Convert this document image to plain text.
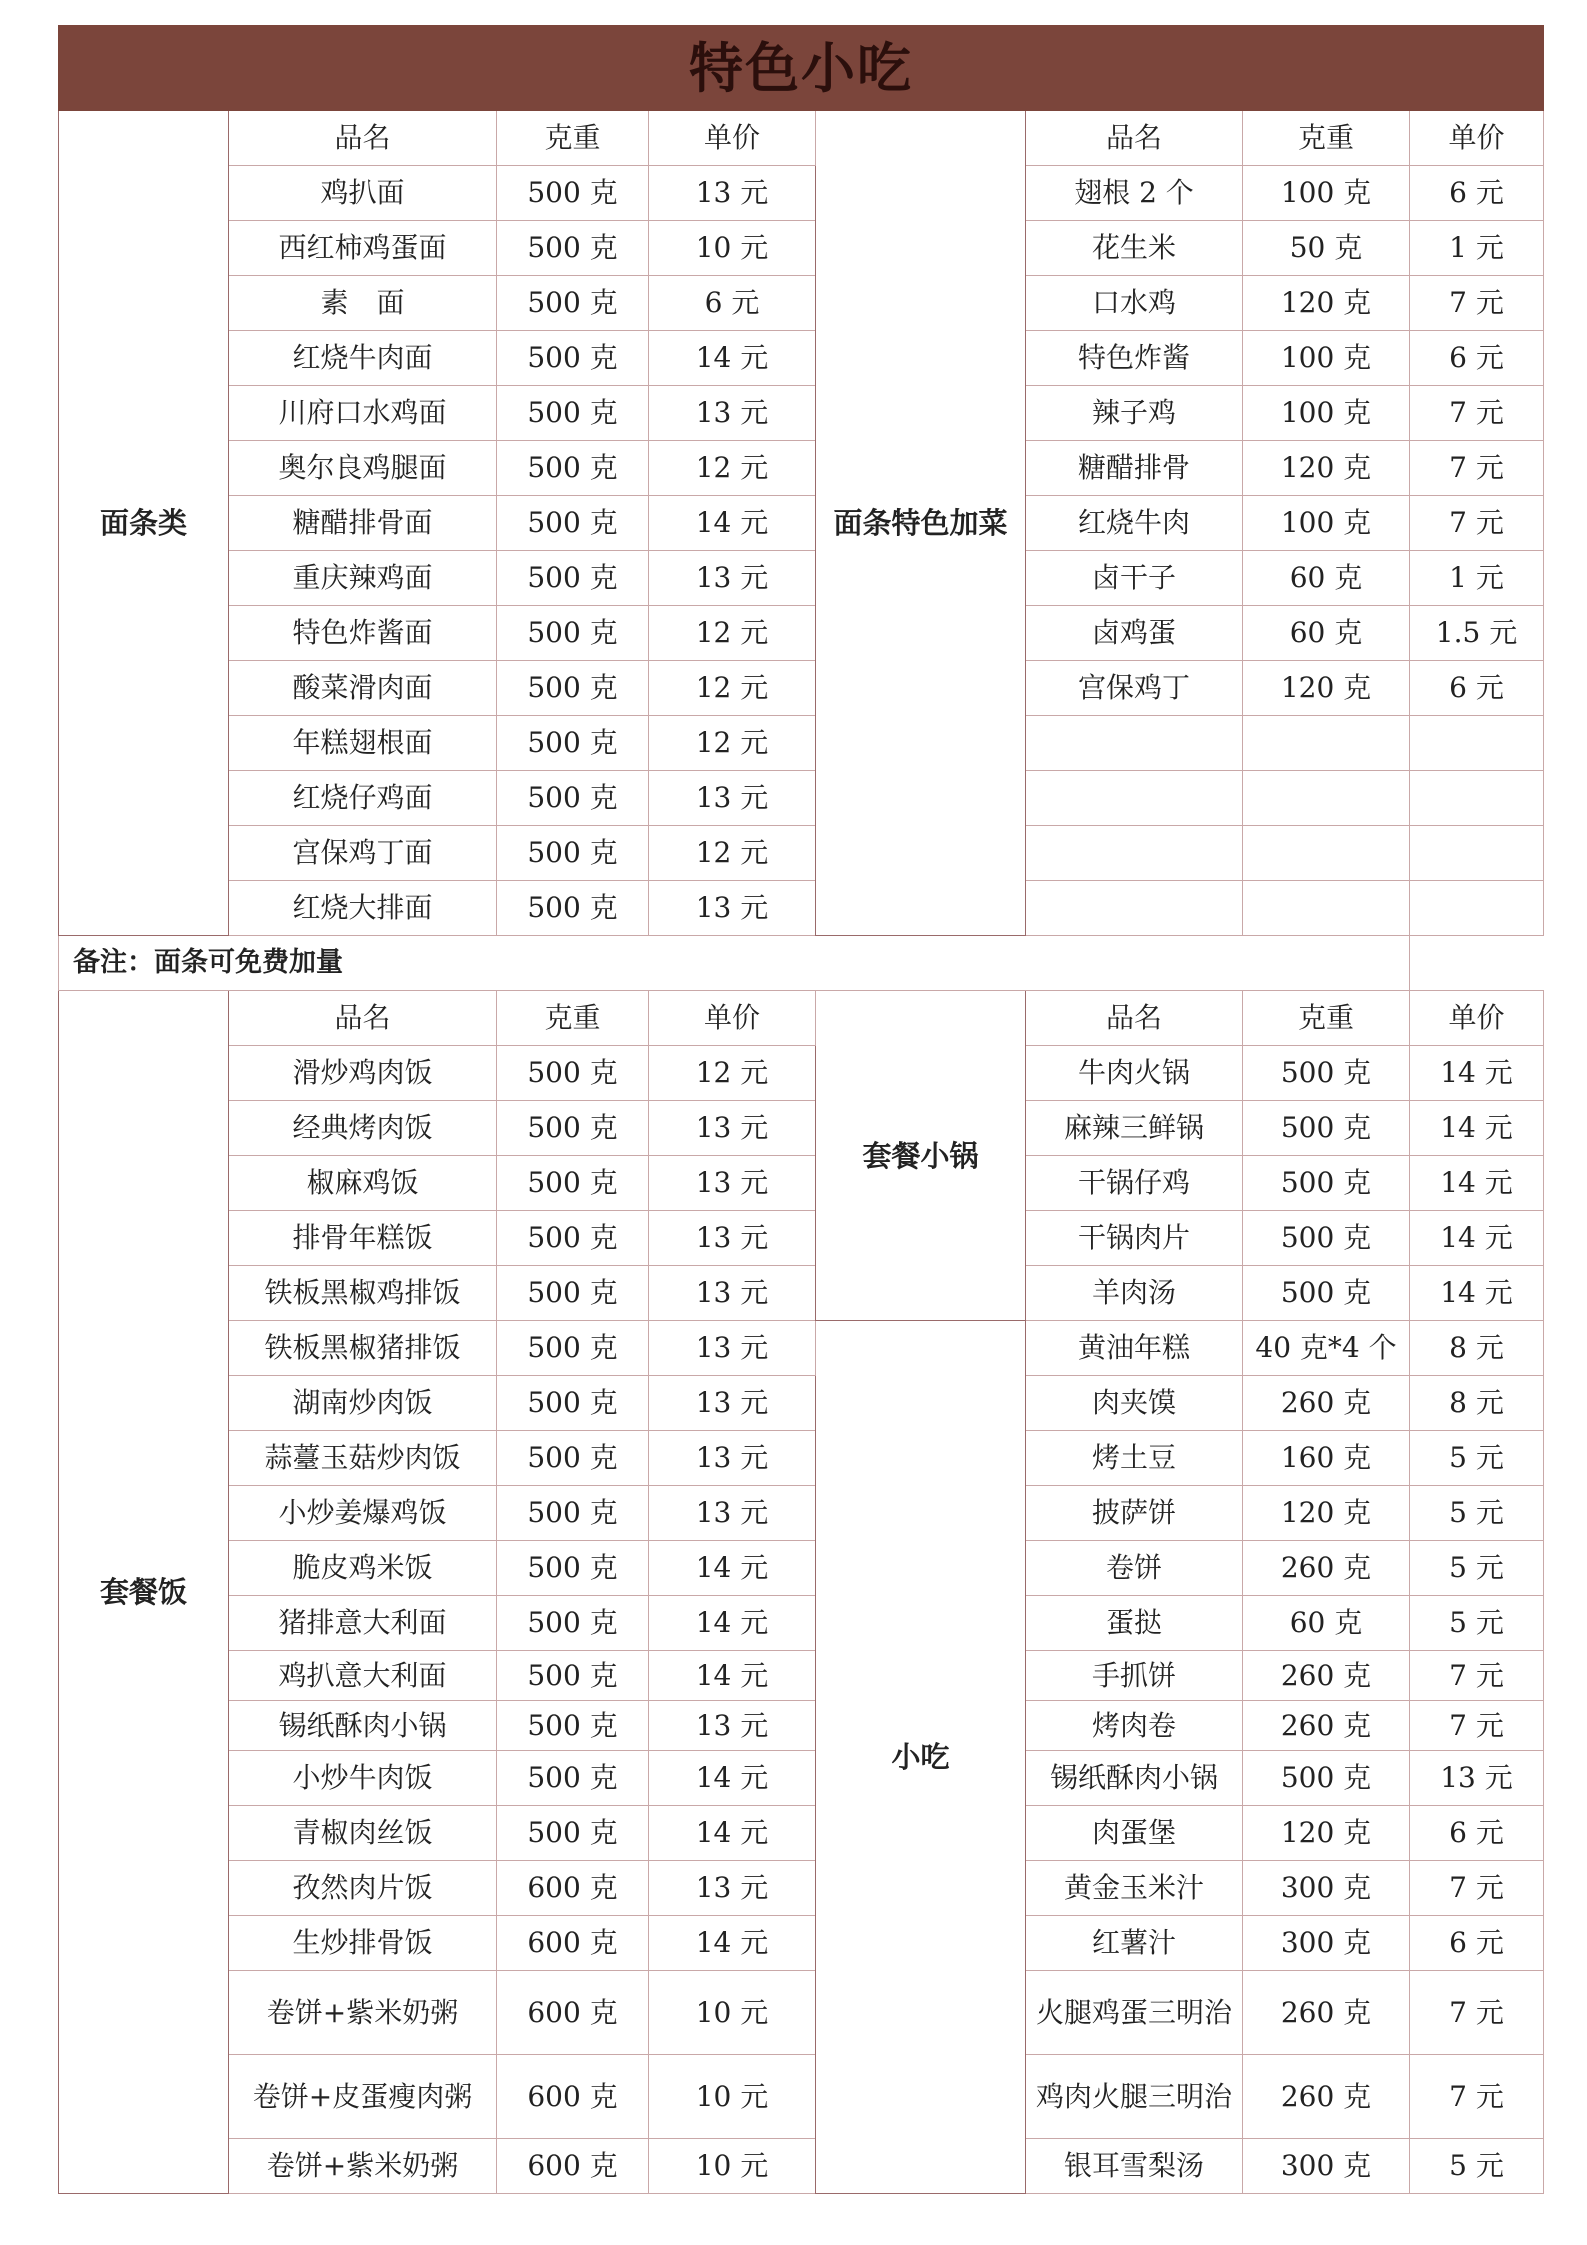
特色小吃							
面条类	品名	克重	单价	面条特色加菜	品名	克重	单价
	鸡扒面	500 克	13 元		翅根 2 个	100 克	6 元
	西红柿鸡蛋面	500 克	10 元		花生米	50 克	1 元
	素　面	500 克	6 元		口水鸡	120 克	7 元
	红烧牛肉面	500 克	14 元		特色炸酱	100 克	6 元
	川府口水鸡面	500 克	13 元		辣子鸡	100 克	7 元
	奥尔良鸡腿面	500 克	12 元		糖醋排骨	120 克	7 元
	糖醋排骨面	500 克	14 元		红烧牛肉	100 克	7 元
	重庆辣鸡面	500 克	13 元		卤干子	60 克	1 元
	特色炸酱面	500 克	12 元		卤鸡蛋	60 克	1.5 元
	酸菜滑肉面	500 克	12 元		宫保鸡丁	120 克	6 元
	年糕翅根面	500 克	12 元				
	红烧仔鸡面	500 克	13 元				
	宫保鸡丁面	500 克	12 元				
	红烧大排面	500 克	13 元				
备注：面条可免费加量							
套餐饭	品名	克重	单价	套餐小锅	品名	克重	单价
	滑炒鸡肉饭	500 克	12 元		牛肉火锅	500 克	14 元
	经典烤肉饭	500 克	13 元		麻辣三鲜锅	500 克	14 元
	椒麻鸡饭	500 克	13 元		干锅仔鸡	500 克	14 元
	排骨年糕饭	500 克	13 元		干锅肉片	500 克	14 元
	铁板黑椒鸡排饭	500 克	13 元		羊肉汤	500 克	14 元
	铁板黑椒猪排饭	500 克	13 元	小吃	黄油年糕	40 克*4 个	8 元
	湖南炒肉饭	500 克	13 元		肉夹馍	260 克	8 元
	蒜薹玉菇炒肉饭	500 克	13 元		烤土豆	160 克	5 元
	小炒姜爆鸡饭	500 克	13 元		披萨饼	120 克	5 元
	脆皮鸡米饭	500 克	14 元		卷饼	260 克	5 元
	猪排意大利面	500 克	14 元		蛋挞	60 克	5 元
	鸡扒意大利面	500 克	14 元		手抓饼	260 克	7 元
	锡纸酥肉小锅	500 克	13 元		烤肉卷	260 克	7 元
	小炒牛肉饭	500 克	14 元		锡纸酥肉小锅	500 克	13 元
	青椒肉丝饭	500 克	14 元		肉蛋堡	120 克	6 元
	孜然肉片饭	600 克	13 元		黄金玉米汁	300 克	7 元
	生炒排骨饭	600 克	14 元		红薯汁	300 克	6 元
	卷饼+紫米奶粥	600 克	10 元		火腿鸡蛋三明治	260 克	7 元
	卷饼+皮蛋瘦肉粥	600 克	10 元		鸡肉火腿三明治	260 克	7 元
	卷饼+紫米奶粥	600 克	10 元		银耳雪梨汤	300 克	5 元
